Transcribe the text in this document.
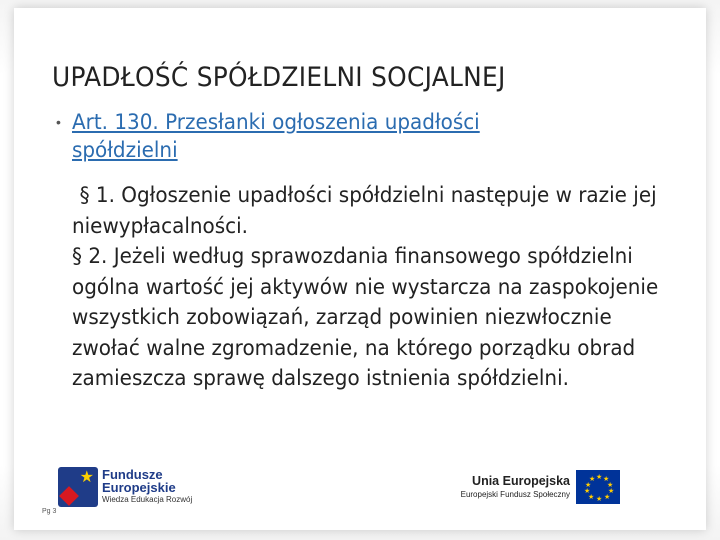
UPADŁOŚĆ SPÓŁDZIELNI SOCJALNEJ
• Art. 130. Przesłanki ogłoszenia upadłości spółdzielni

§ 1. Ogłoszenie upadłości spółdzielni następuje w razie jej niewypłacalności.

§ 2. Jeżeli według sprawozdania finansowego spółdzielni ogólna wartość jej aktywów nie wystarcza na zaspokojenie wszystkich zobowiązań, zarząd powinien niezwłocznie zwołać walne zgromadzenie, na którego porządku obrad zamieszcza sprawę dalszego istnienia spółdzielni.

★ Fundusze
Europejskie
Wiedza Edukacja Rozwój
Unia Europejska
Europejski Fundusz Społeczny
★ ★
★
★
★
★
★
★
★
★
Pg 3
